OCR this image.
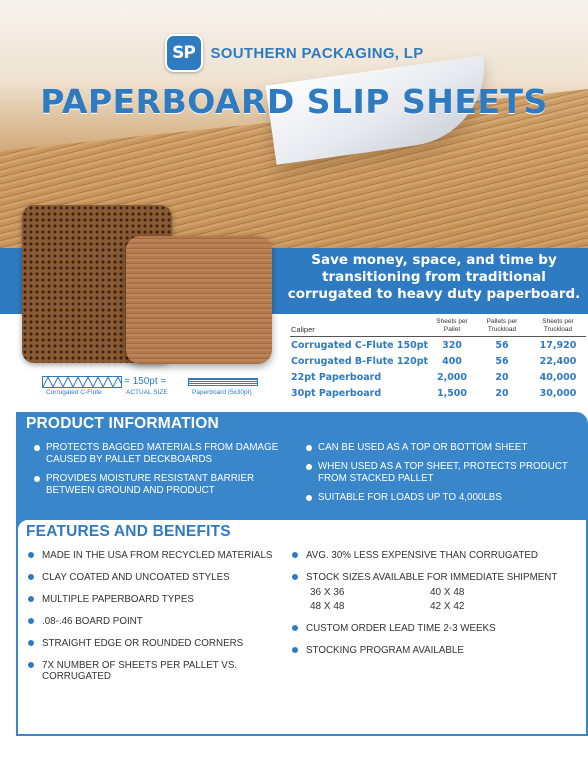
SP	SOUTHERN PACKAGING, LP
PAPERBOARD SLIP SHEETS
Save money, space, and time by transitioning from traditional corrugated to heavy duty paperboard.
= 150pt =
Corrugated C-Flute	ACTUAL SIZE	Paperboard (5x30pt)
Caliper	Sheets per Pallet	Pallets per Truckload	Sheets per Truckload
Corrugated C-Flute 150pt	320	56	17,920
Corrugated B-Flute 120pt	400	56	22,400
22pt Paperboard	2,000	20	40,000
30pt Paperboard	1,500	20	30,000
PRODUCT INFORMATION
PROTECTS BAGGED MATERIALS FROM DAMAGE CAUSED BY PALLET DECKBOARDS
PROVIDES MOISTURE RESISTANT BARRIER BETWEEN GROUND AND PRODUCT
CAN BE USED AS A TOP OR BOTTOM SHEET
WHEN USED AS A TOP SHEET, PROTECTS PRODUCT FROM STACKED PALLET
SUITABLE FOR LOADS UP TO 4,000LBS
FEATURES AND BENEFITS
MADE IN THE USA FROM RECYCLED MATERIALS
CLAY COATED AND UNCOATED STYLES
MULTIPLE PAPERBOARD TYPES
.08-.46 BOARD POINT
STRAIGHT EDGE OR ROUNDED CORNERS
7X NUMBER OF SHEETS PER PALLET VS. CORRUGATED
AVG. 30% LESS EXPENSIVE THAN CORRUGATED
STOCK SIZES AVAILABLE FOR IMMEDIATE SHIPMENT
36 X 36	40 X 48
48 X 48	42 X 42
CUSTOM ORDER LEAD TIME 2-3 WEEKS
STOCKING PROGRAM AVAILABLE
